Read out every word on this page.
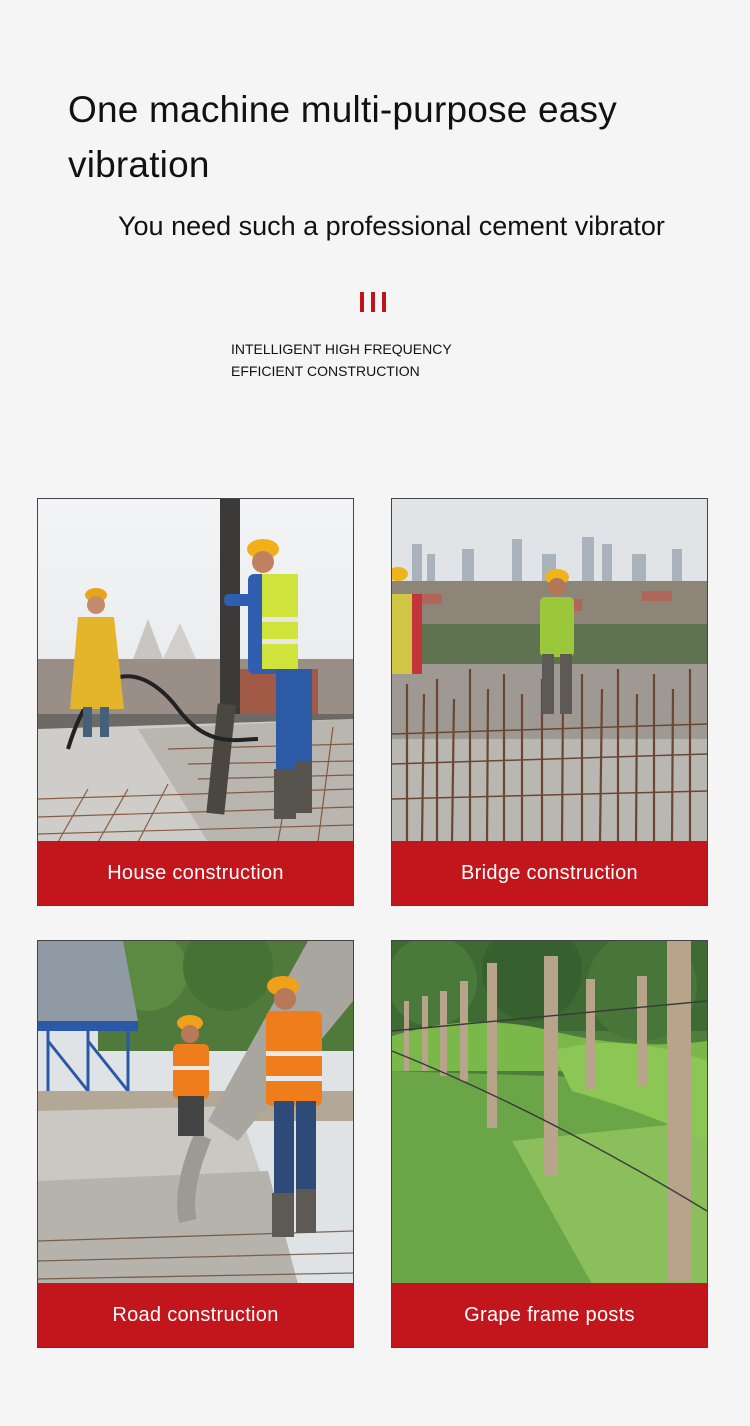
One machine multi-purpose easy vibration

You need such a professional cement vibrator

INTELLIGENT HIGH FREQUENCY
EFFICIENT CONSTRUCTION
House construction	Bridge construction
Road construction	Grape frame posts
